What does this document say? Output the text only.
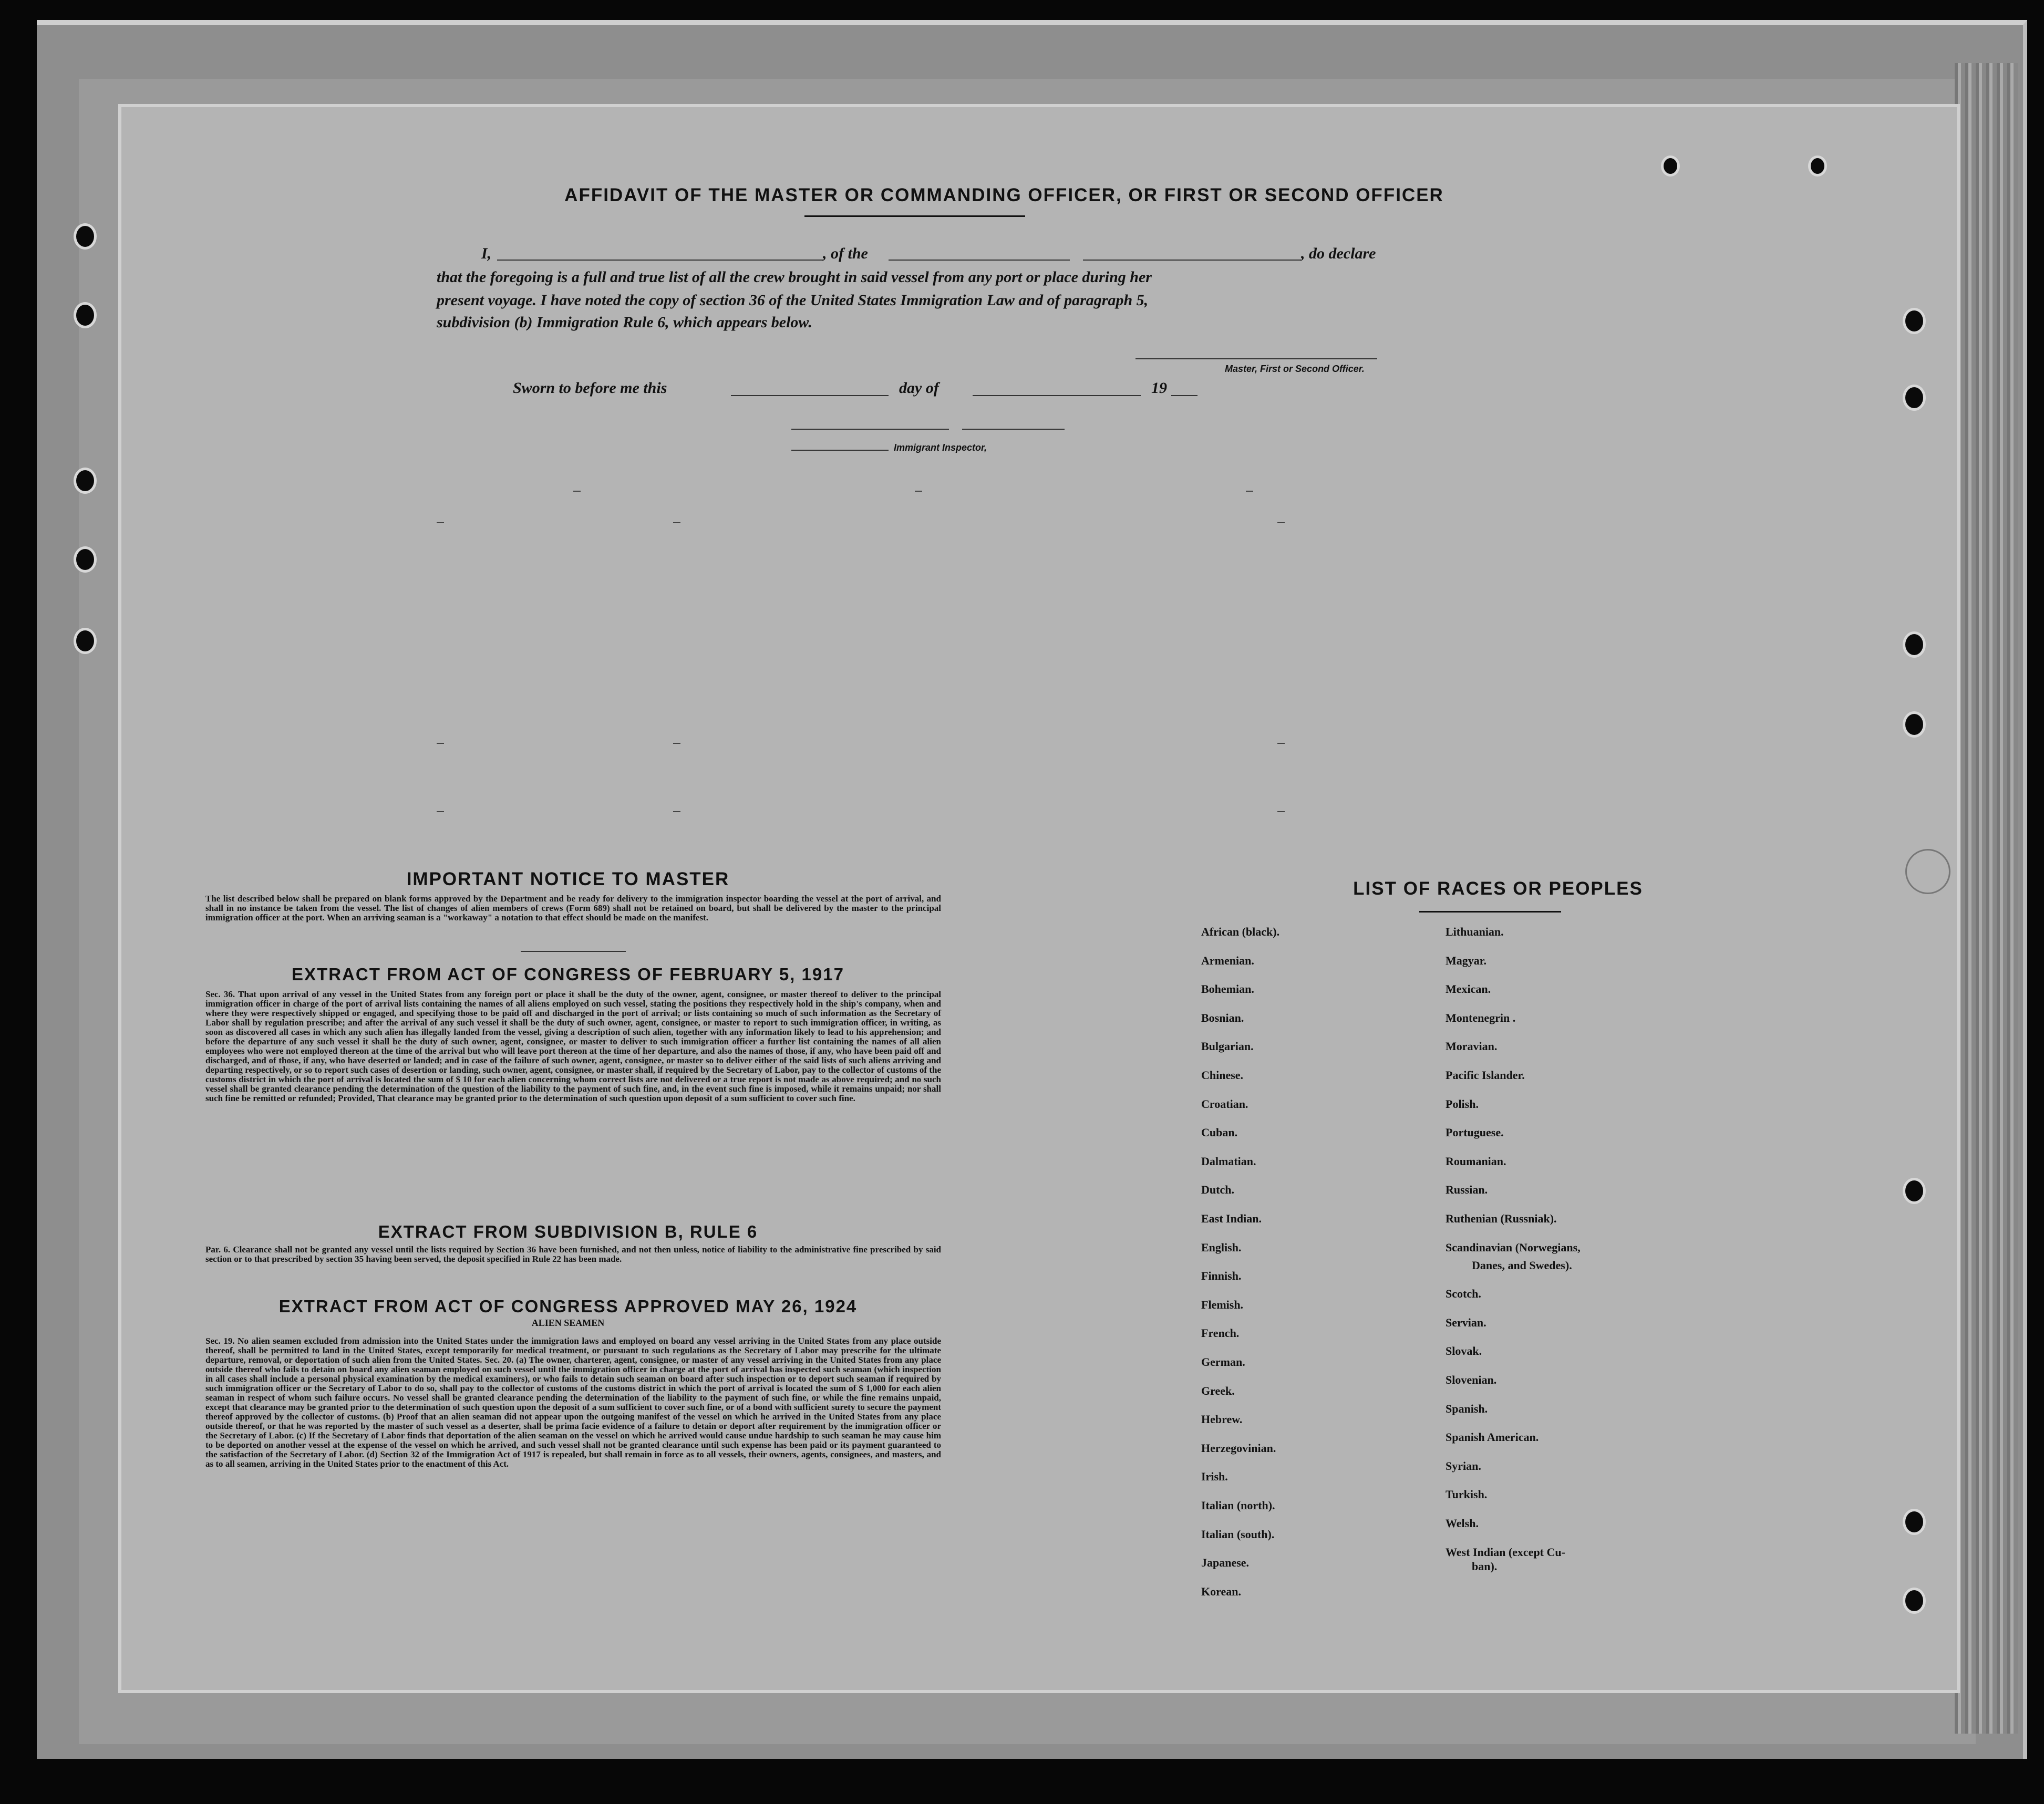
AFFIDAVIT OF THE MASTER OR COMMANDING OFFICER, OR FIRST OR SECOND OFFICER
I,	, of the	, do declare
that the foregoing is a full and true list of all the crew brought in said vessel from any port or place during her
present voyage. I have noted the copy of section 36 of the United States Immigration Law and of paragraph 5,
subdivision (b) Immigration Rule 6, which appears below.
Master, First or Second Officer.
Sworn to before me this	day of	19
Immigrant Inspector,
IMPORTANT NOTICE TO MASTER
The list described below shall be prepared on blank forms approved by the Department and be ready for delivery to the immigration inspector boarding the vessel at the port of arrival, and shall in no instance be taken from the vessel. The list of changes of alien members of crews (Form 689) shall not be retained on board, but shall be delivered by the master to the principal immigration officer at the port. When an arriving seaman is a "workaway" a notation to that effect should be made on the manifest.
EXTRACT FROM ACT OF CONGRESS OF FEBRUARY 5, 1917
Sec. 36. That upon arrival of any vessel in the United States from any foreign port or place it shall be the duty of the owner, agent, consignee, or master thereof to deliver to the principal immigration officer in charge of the port of arrival lists containing the names of all aliens employed on such vessel, stating the positions they respectively hold in the ship's company, when and where they were respectively shipped or engaged, and specifying those to be paid off and discharged in the port of arrival; or lists containing so much of such information as the Secretary of Labor shall by regulation prescribe; and after the arrival of any such vessel it shall be the duty of such owner, agent, consignee, or master to report to such immigration officer, in writing, as soon as discovered all cases in which any such alien has illegally landed from the vessel, giving a description of such alien, together with any information likely to lead to his apprehension; and before the departure of any such vessel it shall be the duty of such owner, agent, consignee, or master to deliver to such immigration officer a further list containing the names of all alien employees who were not employed thereon at the time of the arrival but who will leave port thereon at the time of her departure, and also the names of those, if any, who have been paid off and discharged, and of those, if any, who have deserted or landed; and in case of the failure of such owner, agent, consignee, or master so to deliver either of the said lists of such aliens arriving and departing respectively, or so to report such cases of desertion or landing, such owner, agent, consignee, or master shall, if required by the Secretary of Labor, pay to the collector of customs of the customs district in which the port of arrival is located the sum of $ 10 for each alien concerning whom correct lists are not delivered or a true report is not made as above required; and no such vessel shall be granted clearance pending the determination of the question of the liability to the payment of such fine, and, in the event such fine is imposed, while it remains unpaid; nor shall such fine be remitted or refunded; Provided, That clearance may be granted prior to the determination of such question upon deposit of a sum sufficient to cover such fine.
EXTRACT FROM SUBDIVISION B, RULE 6
Par. 6. Clearance shall not be granted any vessel until the lists required by Section 36 have been furnished, and not then unless, notice of liability to the administrative fine prescribed by said section or to that prescribed by section 35 having been served, the deposit specified in Rule 22 has been made.
EXTRACT FROM ACT OF CONGRESS APPROVED MAY 26, 1924
ALIEN SEAMEN
Sec. 19. No alien seamen excluded from admission into the United States under the immigration laws and employed on board any vessel arriving in the United States from any place outside thereof, shall be permitted to land in the United States, except temporarily for medical treatment, or pursuant to such regulations as the Secretary of Labor may prescribe for the ultimate departure, removal, or deportation of such alien from the United States. Sec. 20. (a) The owner, charterer, agent, consignee, or master of any vessel arriving in the United States from any place outside thereof who fails to detain on board any alien seaman employed on such vessel until the immigration officer in charge at the port of arrival has inspected such seaman (which inspection in all cases shall include a personal physical examination by the medical examiners), or who fails to detain such seaman on board after such inspection or to deport such seaman if required by such immigration officer or the Secretary of Labor to do so, shall pay to the collector of customs of the customs district in which the port of arrival is located the sum of $ 1,000 for each alien seaman in respect of whom such failure occurs. No vessel shall be granted clearance pending the determination of the liability to the payment of such fine, or while the fine remains unpaid, except that clearance may be granted prior to the determination of such question upon the deposit of a sum sufficient to cover such fine, or of a bond with sufficient surety to secure the payment thereof approved by the collector of customs. (b) Proof that an alien seaman did not appear upon the outgoing manifest of the vessel on which he arrived in the United States from any place outside thereof, or that he was reported by the master of such vessel as a deserter, shall be prima facie evidence of a failure to detain or deport after requirement by the immigration officer or the Secretary of Labor. (c) If the Secretary of Labor finds that deportation of the alien seaman on the vessel on which he arrived would cause undue hardship to such seaman he may cause him to be deported on another vessel at the expense of the vessel on which he arrived, and such vessel shall not be granted clearance until such expense has been paid or its payment guaranteed to the satisfaction of the Secretary of Labor. (d) Section 32 of the Immigration Act of 1917 is repealed, but shall remain in force as to all vessels, their owners, agents, consignees, and masters, and as to all seamen, arriving in the United States prior to the enactment of this Act.
LIST OF RACES OR PEOPLES
African (black).
Armenian.
Bohemian.
Bosnian.
Bulgarian.
Chinese.
Croatian.
Cuban.
Dalmatian.
Dutch.
East Indian.
English.
Finnish.
Flemish.
French.
German.
Greek.
Hebrew.
Herzegovinian.
Irish.
Italian (north).
Italian (south).
Japanese.
Korean.
Lithuanian.
Magyar.
Mexican.
Montenegrin .
Moravian.
Pacific Islander.
Polish.
Portuguese.
Roumanian.
Russian.
Ruthenian (Russniak).
Scandinavian (Norwegians,
Danes, and Swedes).
Scotch.
Servian.
Slovak.
Slovenian.
Spanish.
Spanish American.
Syrian.
Turkish.
Welsh.
West Indian (except Cu-
ban).
